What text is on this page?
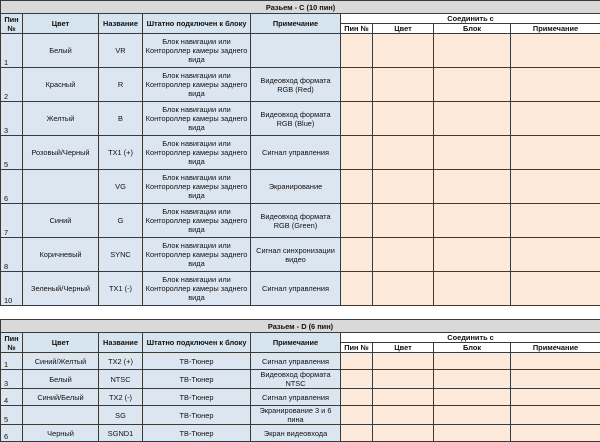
Разьем - С (10 пин)								
Пин №	Цвет	Название	Штатно подключен к блоку	Примечание	Соединить с			
					Пин №	Цвет	Блок	Примечание
1	Белый	VR	Блок навигации или Контороллер камеры заднего вида					
2	Красный	R	Блок навигации или Контороллер камеры заднего вида	Видеовход формата RGB (Red)				
3	Желтый	B	Блок навигации или Контороллер камеры заднего вида	Видеовход формата RGB (Blue)				
5	Розовый/Черный	TX1 (+)	Блок навигации или Контороллер камеры заднего вида	Сигнал управления				
6		VG	Блок навигации или Контороллер камеры заднего вида	Экранирование				
7	Синий	G	Блок навигации или Контороллер камеры заднего вида	Видеовход формата RGB (Green)				
8	Коричневый	SYNC	Блок навигации или Контороллер камеры заднего вида	Сигнал синхронизации видео				
10	Зеленый/Черный	TX1 (-)	Блок навигации или Контороллер камеры заднего вида	Сигнал управления				
Разьем - D (6 пин)								
Пин №	Цвет	Название	Штатно подключен к блоку	Примечание	Соединить с			
					Пин №	Цвет	Блок	Примечание
1	Синий/Желтый	TX2 (+)	ТВ-Тюнер	Сигнал управления				
3	Белый	NTSC	ТВ-Тюнер	Видеовход формата NTSC				
4	Синий/Белый	TX2 (-)	ТВ-Тюнер	Сигнал управления				
5		SG	ТВ-Тюнер	Экранирование 3 и 6 пина				
6	Черный	SGND1	ТВ-Тюнер	Экран видеовхода				
